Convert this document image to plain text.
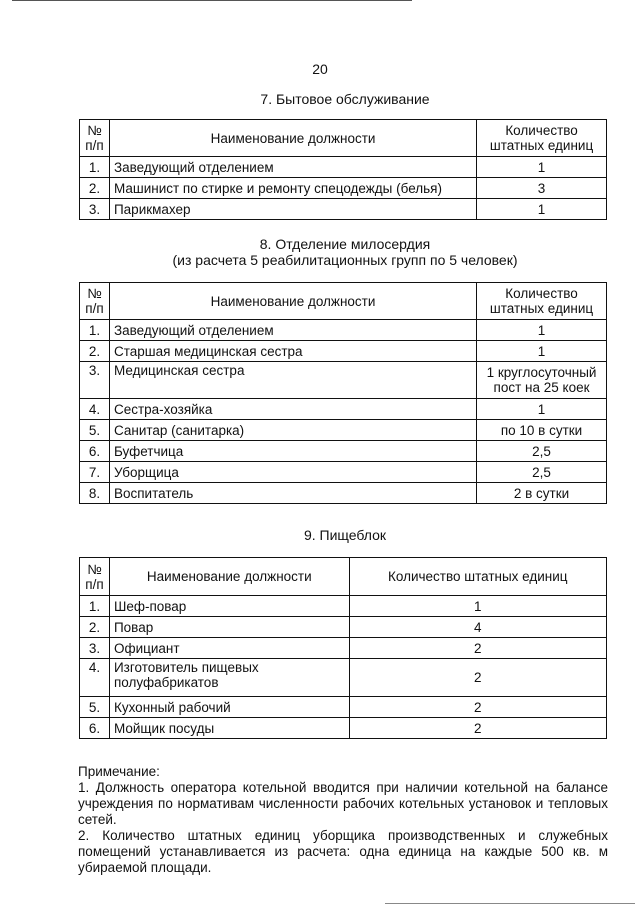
20
7. Бытовое обслуживание
№ п/п	Наименование должности	Количество штатных единиц
1.	Заведующий отделением	1
2.	Машинист по стирке и ремонту спецодежды (белья)	3
3.	Парикмахер	1
8. Отделение милосердия
(из расчета 5 реабилитационных групп по 5 человек)
№ п/п	Наименование должности	Количество штатных единиц
1.	Заведующий отделением	1
2.	Старшая медицинская сестра	1
3.	Медицинская сестра	1 круглосуточный пост на 25 коек
4.	Сестра-хозяйка	1
5.	Санитар (санитарка)	по 10 в сутки
6.	Буфетчица	2,5
7.	Уборщица	2,5
8.	Воспитатель	2 в сутки
9. Пищеблок
№ п/п	Наименование должности	Количество штатных единиц
1.	Шеф-повар	1
2.	Повар	4
3.	Официант	2
4.	Изготовитель пищевых полуфабрикатов	2
5.	Кухонный рабочий	2
6.	Мойщик посуды	2
Примечание:
1. Должность оператора котельной вводится при наличии котельной на балансе учреждения по нормативам численности рабочих котельных установок и тепловых сетей.
2. Количество штатных единиц уборщика производственных и служебных помещений устанавливается из расчета: одна единица на каждые 500 кв. м убираемой площади.
